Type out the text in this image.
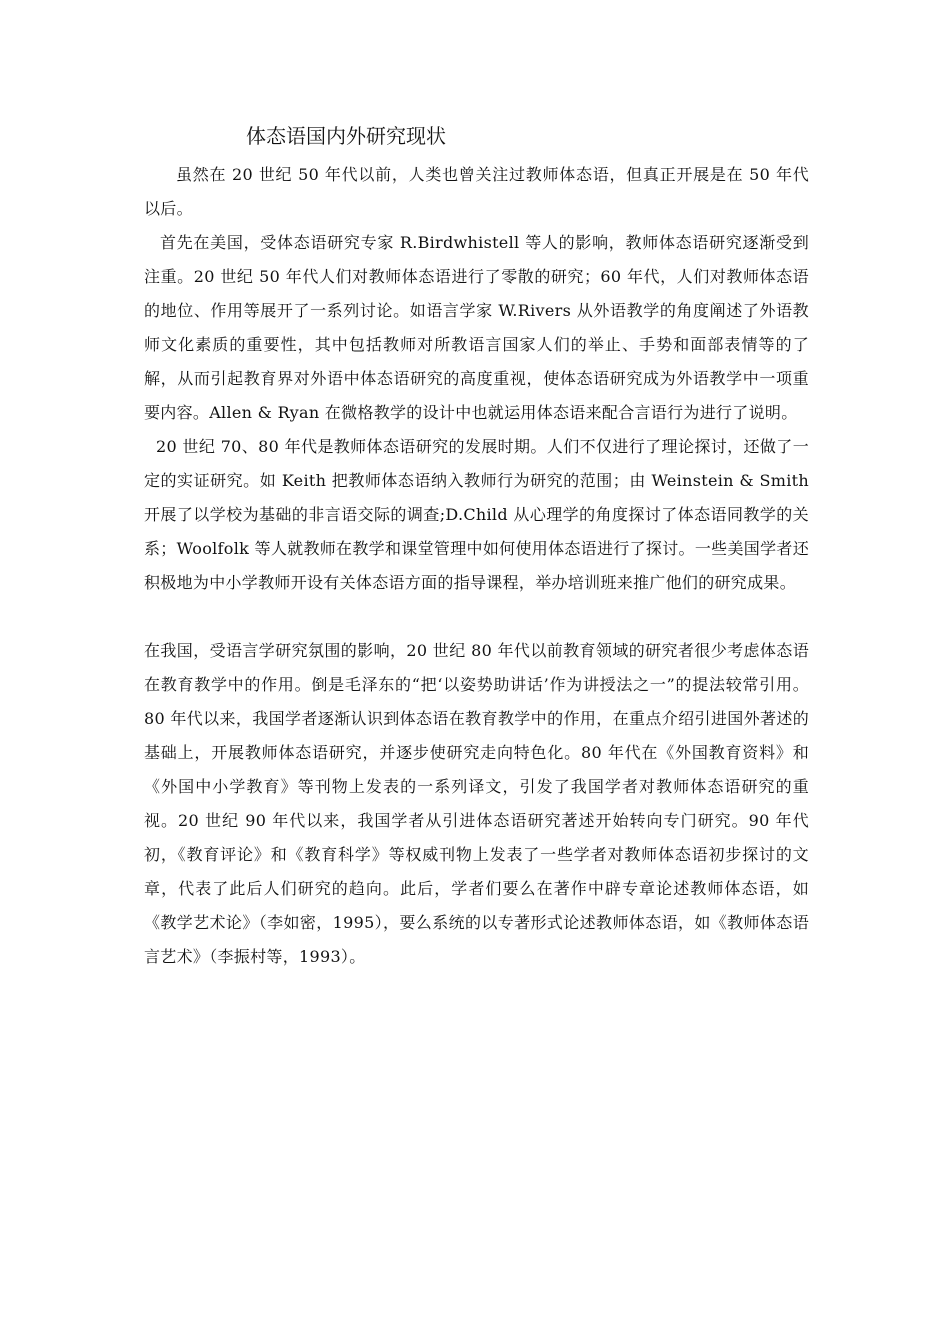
体态语国内外研究现状

虽然在 20 世纪 50 年代以前，人类也曾关注过教师体态语，但真正开展是在 50 年代以后。

首先在美国，受体态语研究专家 R.Birdwhistell 等人的影响，教师体态语研究逐渐受到注重。20 世纪 50 年代人们对教师体态语进行了零散的研究；60 年代，人们对教师体态语的地位、作用等展开了一系列讨论。如语言学家 W.Rivers 从外语教学的角度阐述了外语教师文化素质的重要性，其中包括教师对所教语言国家人们的举止、手势和面部表情等的了解，从而引起教育界对外语中体态语研究的高度重视，使体态语研究成为外语教学中一项重要内容。Allen & Ryan 在微格教学的设计中也就运用体态语来配合言语行为进行了说明。

20 世纪 70、80 年代是教师体态语研究的发展时期。人们不仅进行了理论探讨，还做了一定的实证研究。如 Keith 把教师体态语纳入教师行为研究的范围；由 Weinstein & Smith 开展了以学校为基础的非言语交际的调查;D.Child 从心理学的角度探讨了体态语同教学的关系；Woolfolk 等人就教师在教学和课堂管理中如何使用体态语进行了探讨。一些美国学者还积极地为中小学教师开设有关体态语方面的指导课程，举办培训班来推广他们的研究成果。

在我国，受语言学研究氛围的影响，20 世纪 80 年代以前教育领域的研究者很少考虑体态语在教育教学中的作用。倒是毛泽东的“把‘以姿势助讲话’作为讲授法之一”的提法较常引用。80 年代以来，我国学者逐渐认识到体态语在教育教学中的作用，在重点介绍引进国外著述的基础上，开展教师体态语研究，并逐步使研究走向特色化。80 年代在《外国教育资料》和《外国中小学教育》等刊物上发表的一系列译文，引发了我国学者对教师体态语研究的重视。20 世纪 90 年代以来，我国学者从引进体态语研究著述开始转向专门研究。90 年代初，《教育评论》和《教育科学》等权威刊物上发表了一些学者对教师体态语初步探讨的文章，代表了此后人们研究的趋向。此后，学者们要么在著作中辟专章论述教师体态语，如《教学艺术论》（李如密，1995），要么系统的以专著形式论述教师体态语，如《教师体态语言艺术》（李振村等，1993）。
